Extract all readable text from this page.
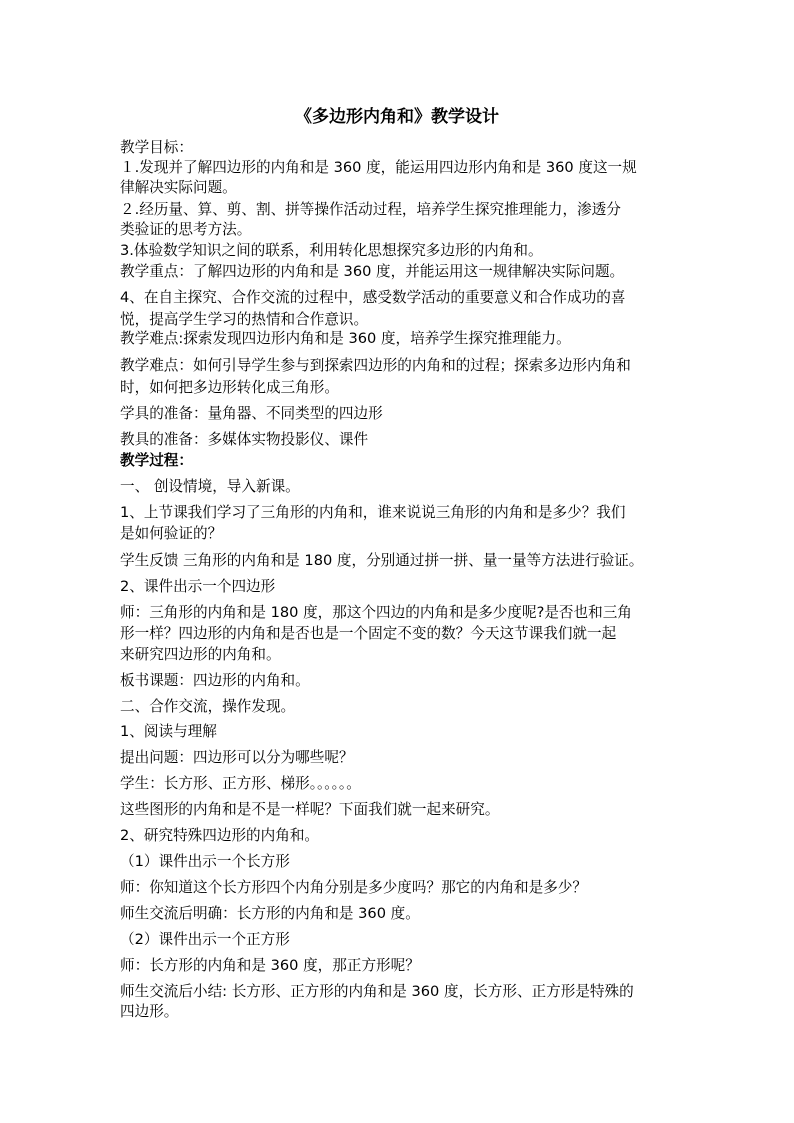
《多边形内角和》教学设计
教学目标：
１.发现并了解四边形的内角和是 360 度，能运用四边形内角和是 360 度这一规
律解决实际问题。
２.经历量、算、剪、割、拼等操作活动过程，培养学生探究推理能力，渗透分
类验证的思考方法。
3.体验数学知识之间的联系，利用转化思想探究多边形的内角和。
教学重点：了解四边形的内角和是 360 度，并能运用这一规律解决实际问题。
4、在自主探究、合作交流的过程中，感受数学活动的重要意义和合作成功的喜
悦，提高学生学习的热情和合作意识。
教学难点:探索发现四边形内角和是 360 度，培养学生探究推理能力。
教学难点：如何引导学生参与到探索四边形的内角和的过程；探索多边形内角和
时，如何把多边形转化成三角形。
学具的准备：量角器、不同类型的四边形
教具的准备：多媒体实物投影仪、课件
教学过程：
一、 创设情境，导入新课。
1、上节课我们学习了三角形的内角和，谁来说说三角形的内角和是多少？我们
是如何验证的？
学生反馈 三角形的内角和是 180 度，分别通过拼一拼、量一量等方法进行验证。
2、课件出示一个四边形
师：三角形的内角和是 180 度，那这个四边的内角和是多少度呢?是否也和三角
形一样？四边形的内角和是否也是一个固定不变的数？今天这节课我们就一起
来研究四边形的内角和。
板书课题：四边形的内角和。
二、合作交流，操作发现。
1、阅读与理解
提出问题：四边形可以分为哪些呢？
学生：长方形、正方形、梯形。。。。。。
这些图形的内角和是不是一样呢？下面我们就一起来研究。
2、研究特殊四边形的内角和。
（1）课件出示一个长方形
师：你知道这个长方形四个内角分别是多少度吗？那它的内角和是多少？
师生交流后明确：长方形的内角和是 360 度。
（2）课件出示一个正方形
师：长方形的内角和是 360 度，那正方形呢？
师生交流后小结: 长方形、正方形的内角和是 360 度，长方形、正方形是特殊的
四边形。
